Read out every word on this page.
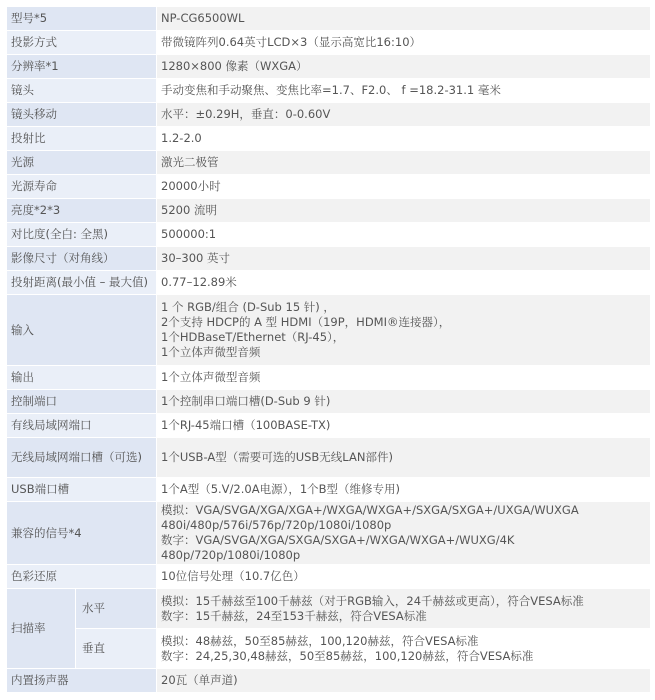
型号*5		NP-CG6500WL

投影方式		带微镜阵列0.64英寸LCD×3（显示高宽比16:10）

分辨率*1		1280×800 像素（WXGA）

镜头		手动变焦和手动聚焦、变焦比率=1.7、F2.0、 f =18.2-31.1 毫米

镜头移动		水平：±0.29H，垂直：0-0.60V

投射比		1.2-2.0

光源		激光二极管

光源寿命		20000小时

亮度*2*3		5200 流明

对比度(全白: 全黑)		500000:1

影像尺寸（对角线）		30–300 英寸

投射距离(最小值 – 最大值)		0.77–12.89米

输入		1 个 RGB/组合 (D-Sub 15 针) ，
2个支持 HDCP的 A 型 HDMI（19P，HDMI®连接器），
1个HDBaseT/Ethernet（RJ-45），
1个立体声微型音频

输出		1个立体声微型音频

控制端口		1个控制串口端口槽(D-Sub 9 针)

有线局域网端口		1个RJ-45端口槽（100BASE-TX)

无线局域网端口槽（可选)		1个USB-A型（需要可选的USB无线LAN部件)

USB端口槽		1个A型（5.V/2.0A电源），1个B型（维修专用)

兼容的信号*4		模拟：VGA/SVGA/XGA/XGA+/WXGA/WXGA+/SXGA/SXGA+/UXGA/WUXGA
480i/480p/576i/576p/720p/1080i/1080p
数字：VGA/SVGA/XGA/SXGA/SXGA+/WXGA/WXGA+/WUXG/4K
480p/720p/1080i/1080p

色彩还原		10位信号处理（10.7亿色）

扫描率	水平	模拟：15千赫兹至100千赫兹（对于RGB输入，24千赫兹或更高），符合VESA标准
数字：15千赫兹，24至153千赫兹，符合VESA标准

	垂直	模拟：48赫兹，50至85赫兹，100,120赫兹，符合VESA标准
数字：24,25,30,48赫兹，50至85赫兹，100,120赫兹，符合VESA标准

内置扬声器		20瓦（单声道)
